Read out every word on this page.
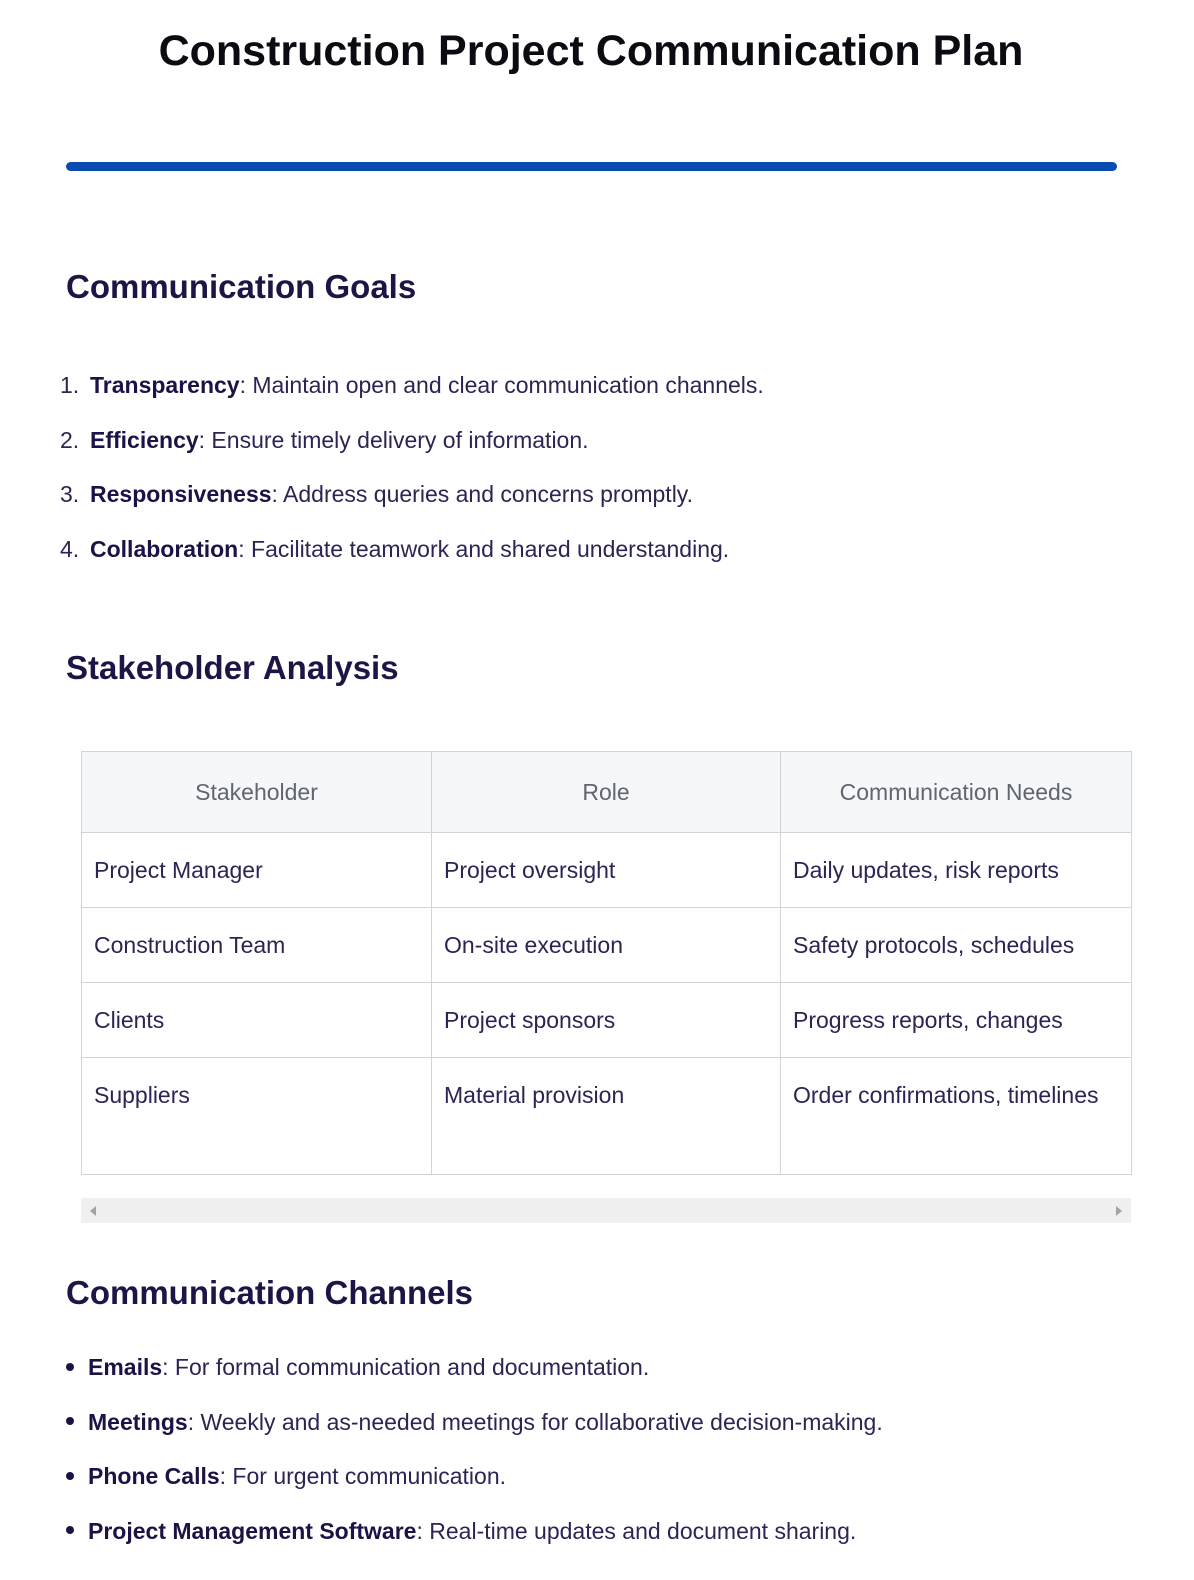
Construction Project Communication Plan
Communication Goals
1. Transparency: Maintain open and clear communication channels.
2. Efficiency: Ensure timely delivery of information.
3. Responsiveness: Address queries and concerns promptly.
4. Collaboration: Facilitate teamwork and shared understanding.
Stakeholder Analysis
Stakeholder	Role	Communication Needs
Project Manager	Project oversight	Daily updates, risk reports
Construction Team	On-site execution	Safety protocols, schedules
Clients	Project sponsors	Progress reports, changes
Suppliers	Material provision	Order confirmations, timelines
Communication Channels
Emails: For formal communication and documentation.
Meetings: Weekly and as-needed meetings for collaborative decision-making.
Phone Calls: For urgent communication.
Project Management Software: Real-time updates and document sharing.
